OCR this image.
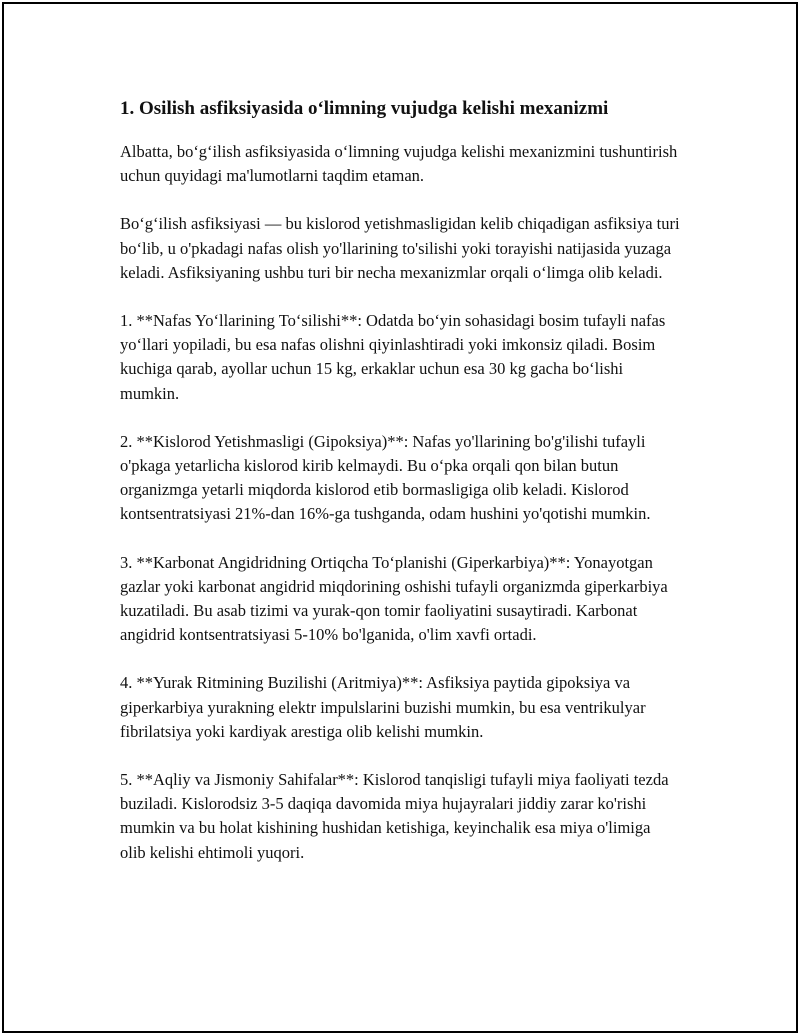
1. Osilish asfiksiyasida o‘limning vujudga kelishi mexanizmi

Albatta, bo‘g‘ilish asfiksiyasida o‘limning vujudga kelishi mexanizmini tushuntirish uchun quyidagi ma'lumotlarni taqdim etaman.

Bo‘g‘ilish asfiksiyasi — bu kislorod yetishmasligidan kelib chiqadigan asfiksiya turi bo‘lib, u o'pkadagi nafas olish yo'llarining to'silishi yoki torayishi natijasida yuzaga keladi. Asfiksiyaning ushbu turi bir necha mexanizmlar orqali o‘limga olib keladi.

1. **Nafas Yo‘llarining To‘silishi**: Odatda bo‘yin sohasidagi bosim tufayli nafas yo‘llari yopiladi, bu esa nafas olishni qiyinlashtiradi yoki imkonsiz qiladi. Bosim kuchiga qarab, ayollar uchun 15 kg, erkaklar uchun esa 30 kg gacha bo‘lishi mumkin.

2. **Kislorod Yetishmasligi (Gipoksiya)**: Nafas yo'llarining bo'g'ilishi tufayli o'pkaga yetarlicha kislorod kirib kelmaydi. Bu o‘pka orqali qon bilan butun organizmga yetarli miqdorda kislorod etib bormasligiga olib keladi. Kislorod kontsentratsiyasi 21%-dan 16%-ga tushganda, odam hushini yo'qotishi mumkin.

3. **Karbonat Angidridning Ortiqcha To‘planishi (Giperkarbiya)**: Yonayotgan gazlar yoki karbonat angidrid miqdorining oshishi tufayli organizmda giperkarbiya kuzatiladi. Bu asab tizimi va yurak-qon tomir faoliyatini susaytiradi. Karbonat angidrid kontsentratsiyasi 5-10% bo'lganida, o'lim xavfi ortadi.

4. **Yurak Ritmining Buzilishi (Aritmiya)**: Asfiksiya paytida gipoksiya va giperkarbiya yurakning elektr impulslarini buzishi mumkin, bu esa ventrikulyar fibrilatsiya yoki kardiyak arestiga olib kelishi mumkin.

5. **Aqliy va Jismoniy Sahifalar**: Kislorod tanqisligi tufayli miya faoliyati tezda buziladi. Kislorodsiz 3-5 daqiqa davomida miya hujayralari jiddiy zarar ko'rishi mumkin va bu holat kishining hushidan ketishiga, keyinchalik esa miya o'limiga olib kelishi ehtimoli yuqori.
